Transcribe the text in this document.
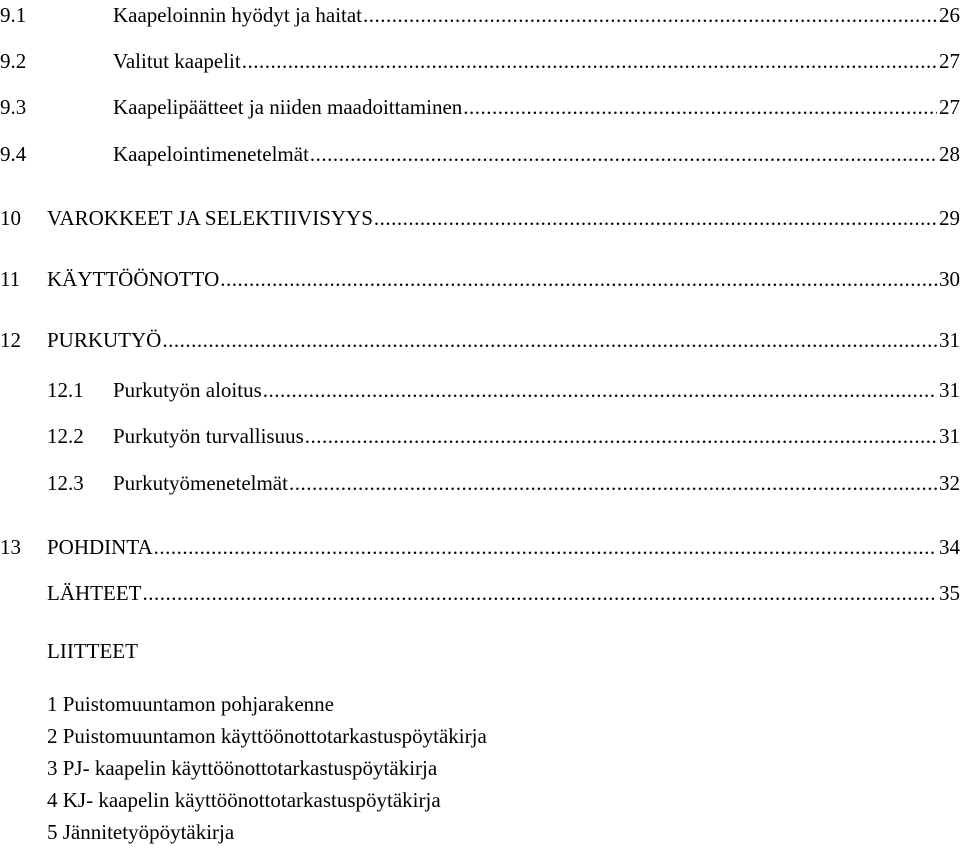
9.1	Kaapeloinnin hyödyt ja haitat .....	26
9.2	Valitut kaapelit .....	27
9.3	Kaapelipäätteet ja niiden maadoittaminen .....	27
9.4	Kaapelointimenetelmät .....	28
10 VAROKKEET JA SELEKTIIVISYYS .....	29
11 KÄYTTÖÖNOTTO .....	30
12 PURKUTYÖ .....	31
12.1 Purkutyön aloitus .....	31
12.2 Purkutyön turvallisuus .....	31
12.3 Purkutyömenetelmät .....	32
13 POHDINTA .....	34
LÄHTEET .....	35
LIITTEET
1 Puistomuuntamon pohjarakenne
2 Puistomuuntamon käyttöönottotarkastuspöytäkirja
3 PJ- kaapelin käyttöönottotarkastuspöytäkirja
4 KJ- kaapelin käyttöönottotarkastuspöytäkirja
5 Jännitetyöpöytäkirja
